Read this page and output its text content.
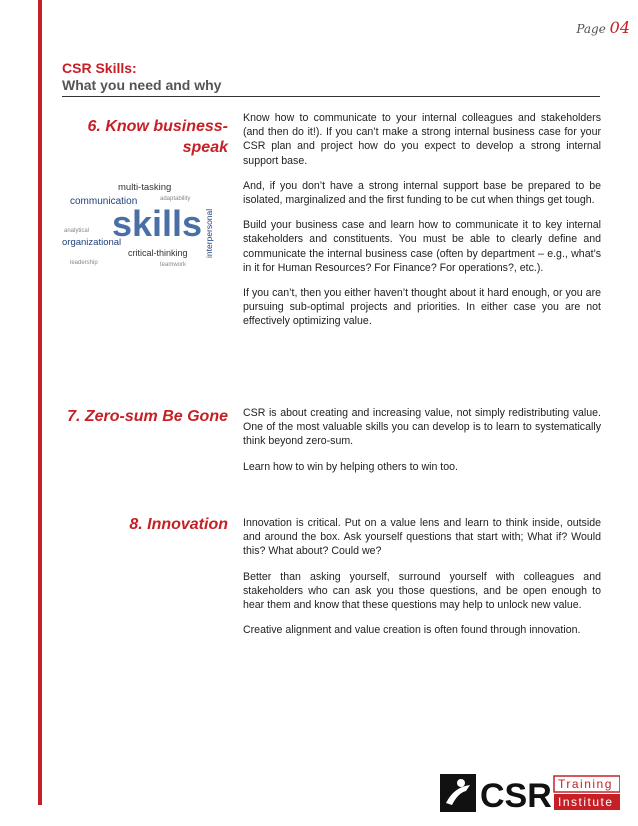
Page 04
CSR Skills:
What you need and why
6. Know business-
speak

Know how to communicate to your internal colleagues and stakeholders (and then do it!). If you can’t make a strong internal business case for your CSR plan and project how do you expect to develop a strong internal support base.

And, if you don’t have a strong internal support base be prepared to be isolated, marginalized and the first funding to be cut when things get tough.

Build your business case and learn how to communicate it to key internal stakeholders and constituents. You must be able to clearly define and communicate the internal business case (often by department – e.g., what’s in it for Human Resources? For Finance? For operations?, etc.).

If you can’t, then you either haven’t thought about it hard enough, or you are pursuing sub-optimal projects and priorities. In either case you are not effectively optimizing value.

multi-tasking
communication
skills
organizational	interpersonal
critical-thinking
analytical
adaptability
teamwork
leadership
7. Zero-sum Be Gone CSR is about creating and increasing value, not simply redistributing value. One of the most valuable skills you can develop is to learn to systematically think beyond zero-sum.

Learn how to win by helping others to win too.

8. Innovation Innovation is critical. Put on a value lens and learn to think inside, outside and around the box. Ask yourself questions that start with; What if? Would this? What about? Could we?

Better than asking yourself, surround yourself with colleagues and stakeholders who can ask you those questions, and be open enough to hear them and know that these questions may help to unlock new value.

Creative alignment and value creation is often found through innovation.

CSR Training
Institute
